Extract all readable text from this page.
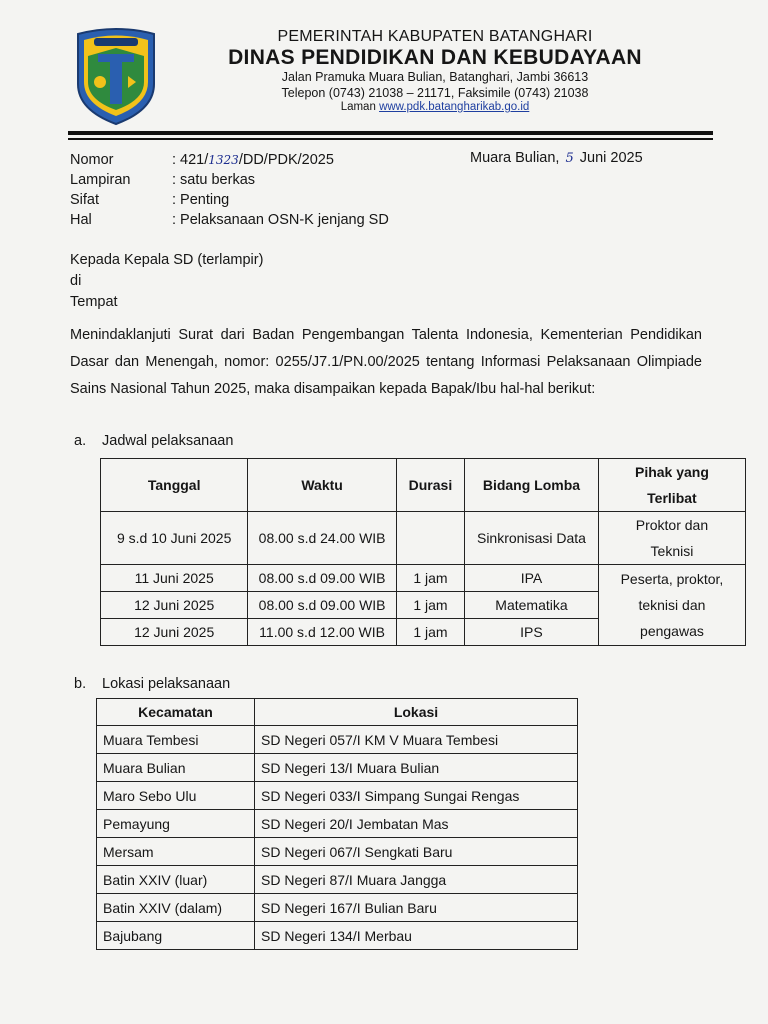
PEMERINTAH KABUPATEN BATANGHARI
DINAS PENDIDIKAN DAN KEBUDAYAAN
Jalan Pramuka Muara Bulian, Batanghari, Jambi 36613
Telepon (0743) 21038 – 21171, Faksimile (0743) 21038
Laman www.pdk.batangharikab.go.id
Nomor	: 421/1323/DD/PDK/2025
Lampiran	: satu berkas
Sifat	: Penting
Hal	: Pelaksanaan OSN-K jenjang SD
Muara Bulian, 5 Juni 2025
Kepada Kepala SD (terlampir)
di
Tempat
Menindaklanjuti Surat dari Badan Pengembangan Talenta Indonesia, Kementerian Pendidikan Dasar dan Menengah, nomor: 0255/J7.1/PN.00/2025 tentang Informasi Pelaksanaan Olimpiade Sains Nasional Tahun 2025, maka disampaikan kepada Bapak/Ibu hal-hal berikut:
a. Jadwal pelaksanaan
Tanggal	Waktu	Durasi	Bidang Lomba	Pihak yang Terlibat
9 s.d 10 Juni 2025	08.00 s.d 24.00 WIB		Sinkronisasi Data	Proktor dan Teknisi
11 Juni 2025	08.00 s.d 09.00 WIB	1 jam	IPA	Peserta, proktor, teknisi dan pengawas
12 Juni 2025	08.00 s.d 09.00 WIB	1 jam	Matematika	
12 Juni 2025	11.00 s.d 12.00 WIB	1 jam	IPS	
b. Lokasi pelaksanaan
Kecamatan	Lokasi
Muara Tembesi	SD Negeri 057/I KM V Muara Tembesi
Muara Bulian	SD Negeri 13/I Muara Bulian
Maro Sebo Ulu	SD Negeri 033/I Simpang Sungai Rengas
Pemayung	SD Negeri 20/I Jembatan Mas
Mersam	SD Negeri 067/I Sengkati Baru
Batin XXIV (luar)	SD Negeri 87/I Muara Jangga
Batin XXIV (dalam)	SD Negeri 167/I Bulian Baru
Bajubang	SD Negeri 134/I Merbau
